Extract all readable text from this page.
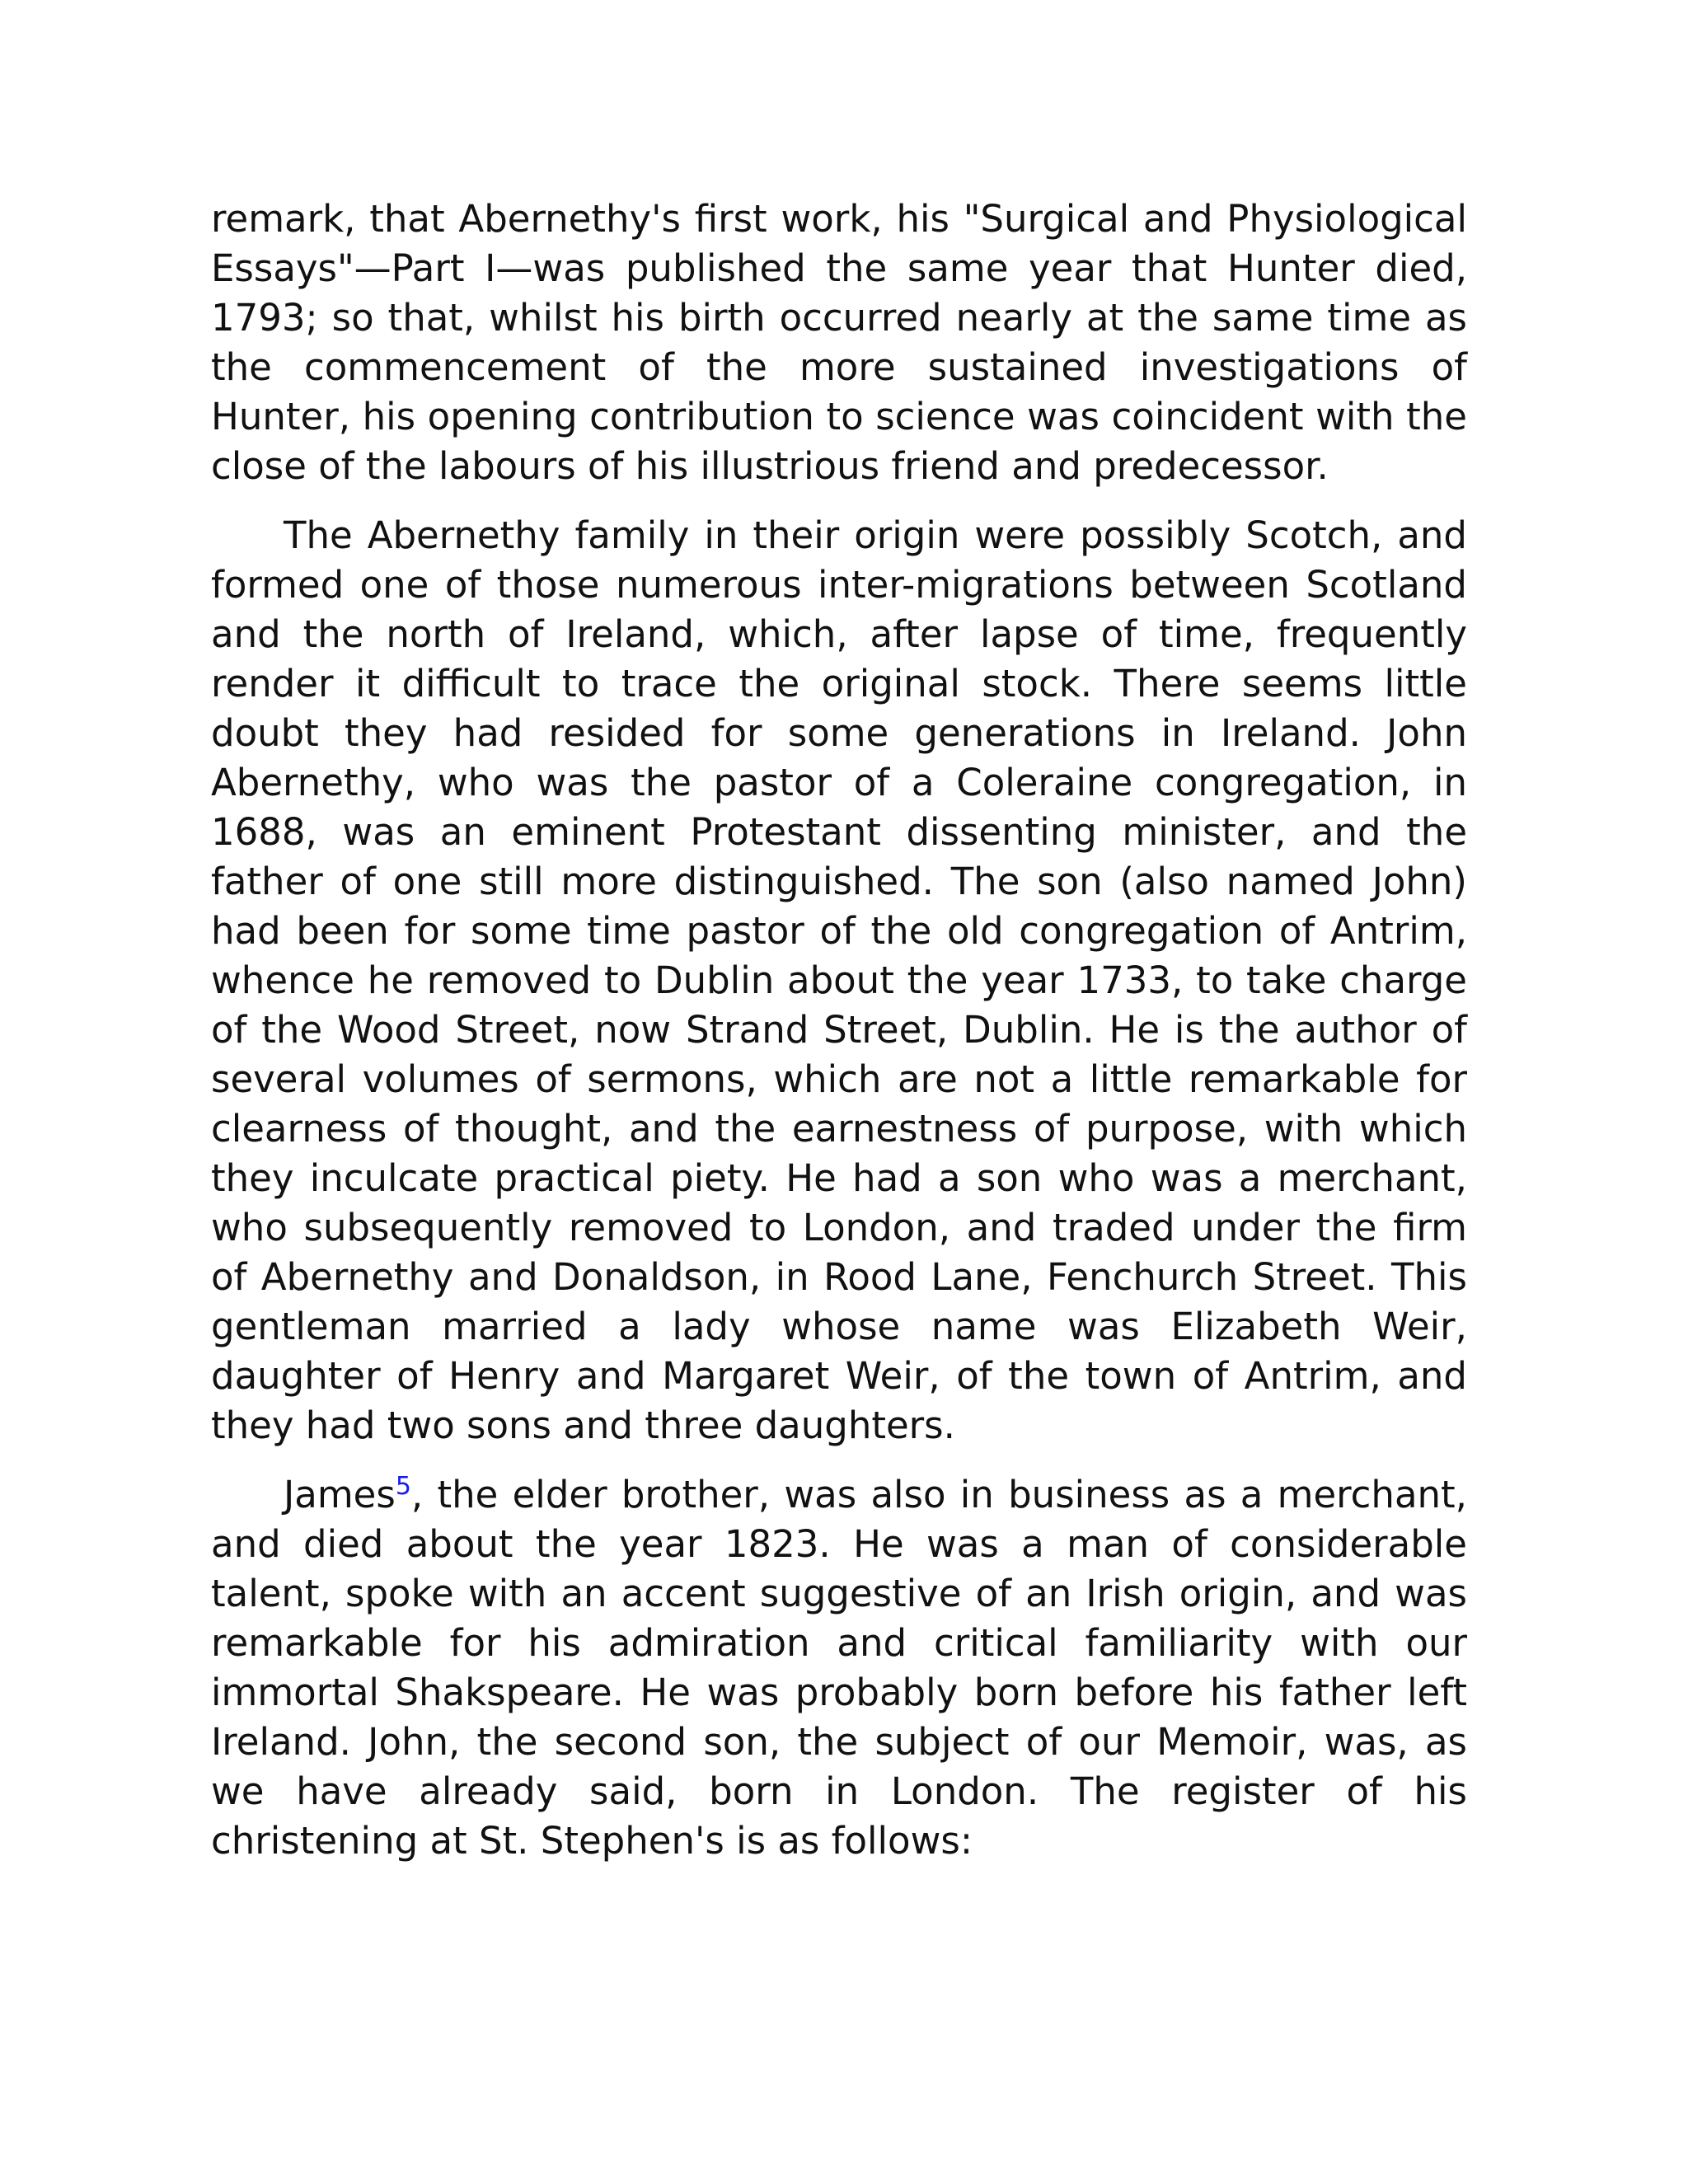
remark, that Abernethy's first work, his "Surgical and Physiological Essays"—Part I—was published the same year that Hunter died, 1793; so that, whilst his birth occurred nearly at the same time as the commencement of the more sustained investigations of Hunter, his opening contribution to science was coincident with the close of the labours of his illustrious friend and predecessor.

The Abernethy family in their origin were possibly Scotch, and formed one of those numerous inter-migrations between Scotland and the north of Ireland, which, after lapse of time, frequently render it difficult to trace the original stock. There seems little doubt they had resided for some generations in Ireland. John Abernethy, who was the pastor of a Coleraine congregation, in 1688, was an eminent Protestant dissenting minister, and the father of one still more distinguished. The son (also named John) had been for some time pastor of the old congregation of Antrim, whence he removed to Dublin about the year 1733, to take charge of the Wood Street, now Strand Street, Dublin. He is the author of several volumes of sermons, which are not a little remarkable for clearness of thought, and the earnestness of purpose, with which they inculcate practical piety. He had a son who was a merchant, who subsequently removed to London, and traded under the firm of Abernethy and Donaldson, in Rood Lane, Fenchurch Street. This gentleman married a lady whose name was Elizabeth Weir, daughter of Henry and Margaret Weir, of the town of Antrim, and they had two sons and three daughters.

James$^5$, the elder brother, was also in business as a merchant, and died about the year 1823. He was a man of considerable talent, spoke with an accent suggestive of an Irish origin, and was remarkable for his admiration and critical familiarity with our immortal Shakspeare. He was probably born before his father left Ireland. John, the second son, the subject of our Memoir, was, as we have already said, born in London. The register of his christening at St. Stephen's is as follows:
